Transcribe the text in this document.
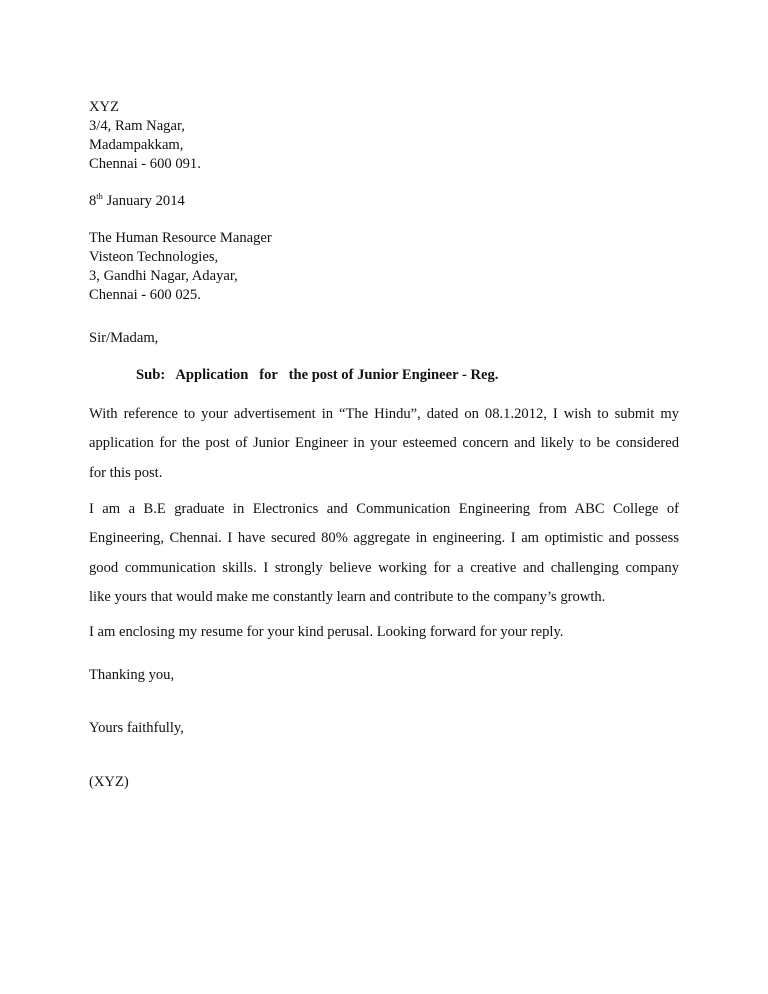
XYZ
3/4, Ram Nagar,
Madampakkam,
Chennai - 600 091.
8th January 2014
The Human Resource Manager
Visteon Technologies,
3, Gandhi Nagar, Adayar,
Chennai - 600 025.
Sir/Madam,
Sub:   Application   for   the post of Junior Engineer - Reg.
With reference to your advertisement in “The Hindu”, dated on 08.1.2012, I wish to submit my
application for the post of Junior Engineer in your esteemed concern and likely to be considered
for this post.
I am a B.E graduate in Electronics and Communication Engineering from ABC College of
Engineering, Chennai. I have secured 80% aggregate in engineering. I am optimistic and possess
good communication skills. I strongly believe working for a creative and challenging company
like yours that would make me constantly learn and contribute to the company’s growth.
I am enclosing my resume for your kind perusal. Looking forward for your reply.
Thanking you,
Yours faithfully,
(XYZ)
